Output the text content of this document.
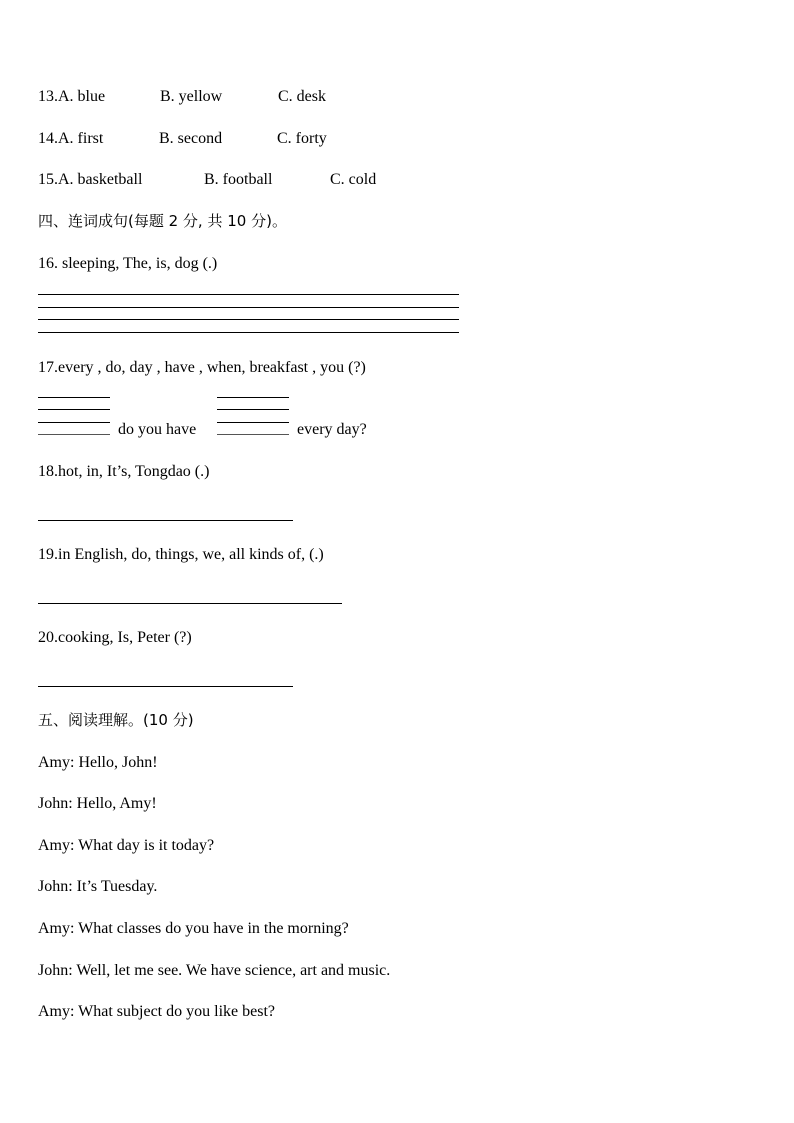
13.A. blue	B. yellow	C. desk
14.A. first	B. second	C. forty
15.A. basketball	B. football	C. cold
四、连词成句(每题 2 分, 共 10 分)。
16. sleeping, The, is, dog (.)
17.every , do, day , have , when, breakfast , you (?)
do you have	every day?
18.hot, in, It’s, Tongdao (.)
19.in English, do, things, we, all kinds of, (.)
20.cooking, Is, Peter (?)
五、阅读理解。(10 分)
Amy: Hello, John!
John: Hello, Amy!
Amy: What day is it today?
John: It’s Tuesday.
Amy: What classes do you have in the morning?
John: Well, let me see. We have science, art and music.
Amy: What subject do you like best?
